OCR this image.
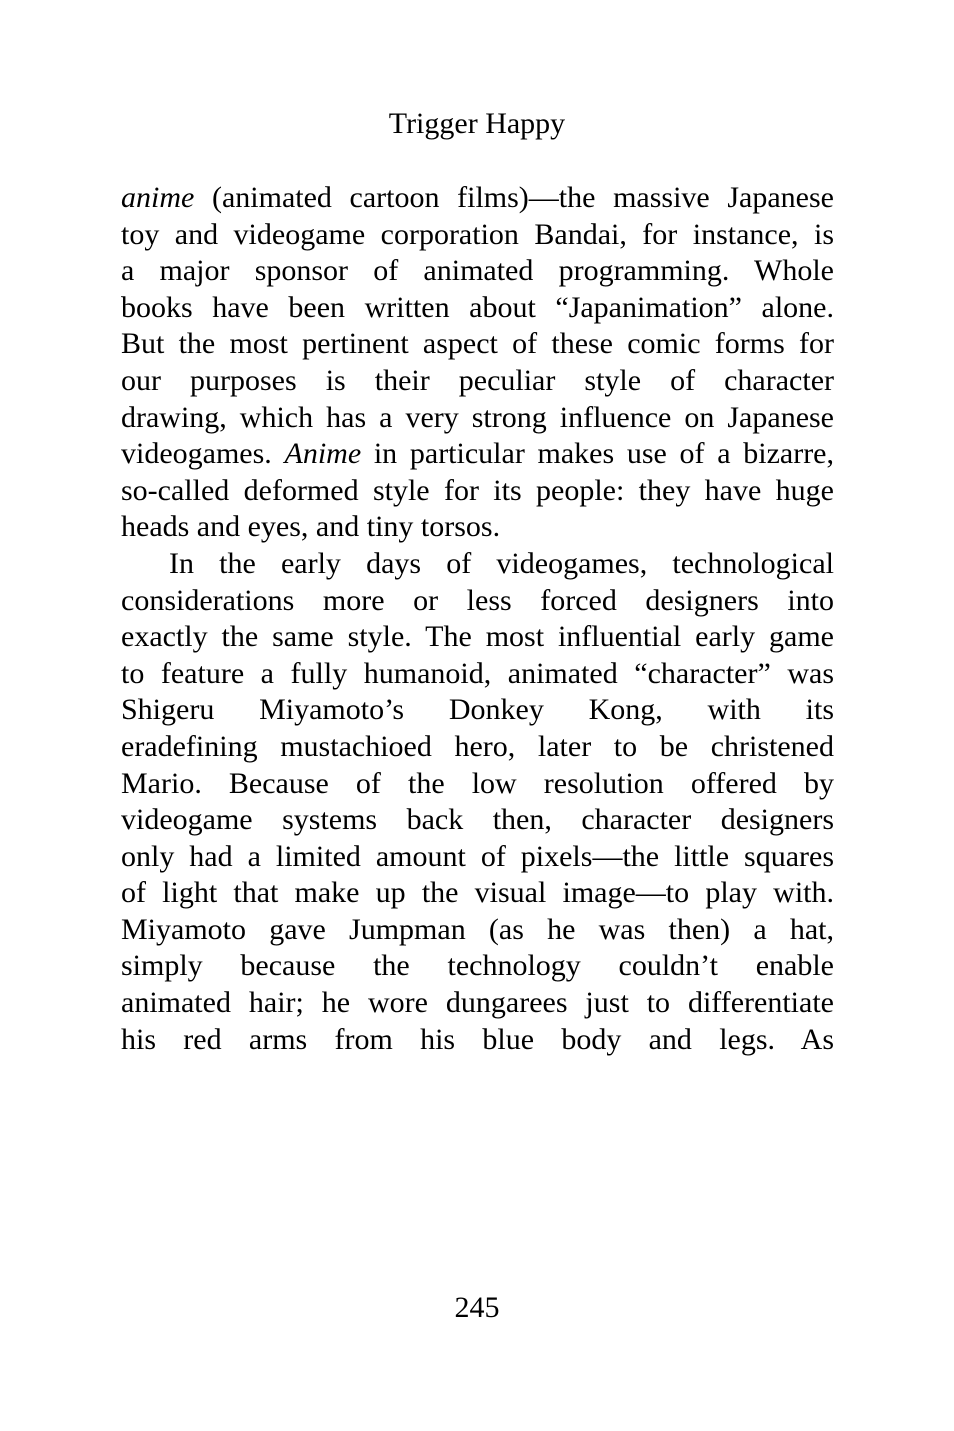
Trigger Happy
anime (animated cartoon films)—the massive Japanese
toy and videogame corporation Bandai, for instance, is
a major sponsor of animated programming. Whole
books have been written about “Japanimation” alone.
But the most pertinent aspect of these comic forms for
our purposes is their peculiar style of character
drawing, which has a very strong influence on Japanese
videogames. Anime in particular makes use of a bizarre,
so-called deformed style for its people: they have huge
heads and eyes, and tiny torsos.
In the early days of videogames, technological
considerations more or less forced designers into
exactly the same style. The most influential early game
to feature a fully humanoid, animated “character” was
Shigeru Miyamoto’s Donkey Kong, with its
eradefining mustachioed hero, later to be christened
Mario. Because of the low resolution offered by
videogame systems back then, character designers
only had a limited amount of pixels—the little squares
of light that make up the visual image—to play with.
Miyamoto gave Jumpman (as he was then) a hat,
simply because the technology couldn’t enable
animated hair; he wore dungarees just to differentiate
his red arms from his blue body and legs. As
245
